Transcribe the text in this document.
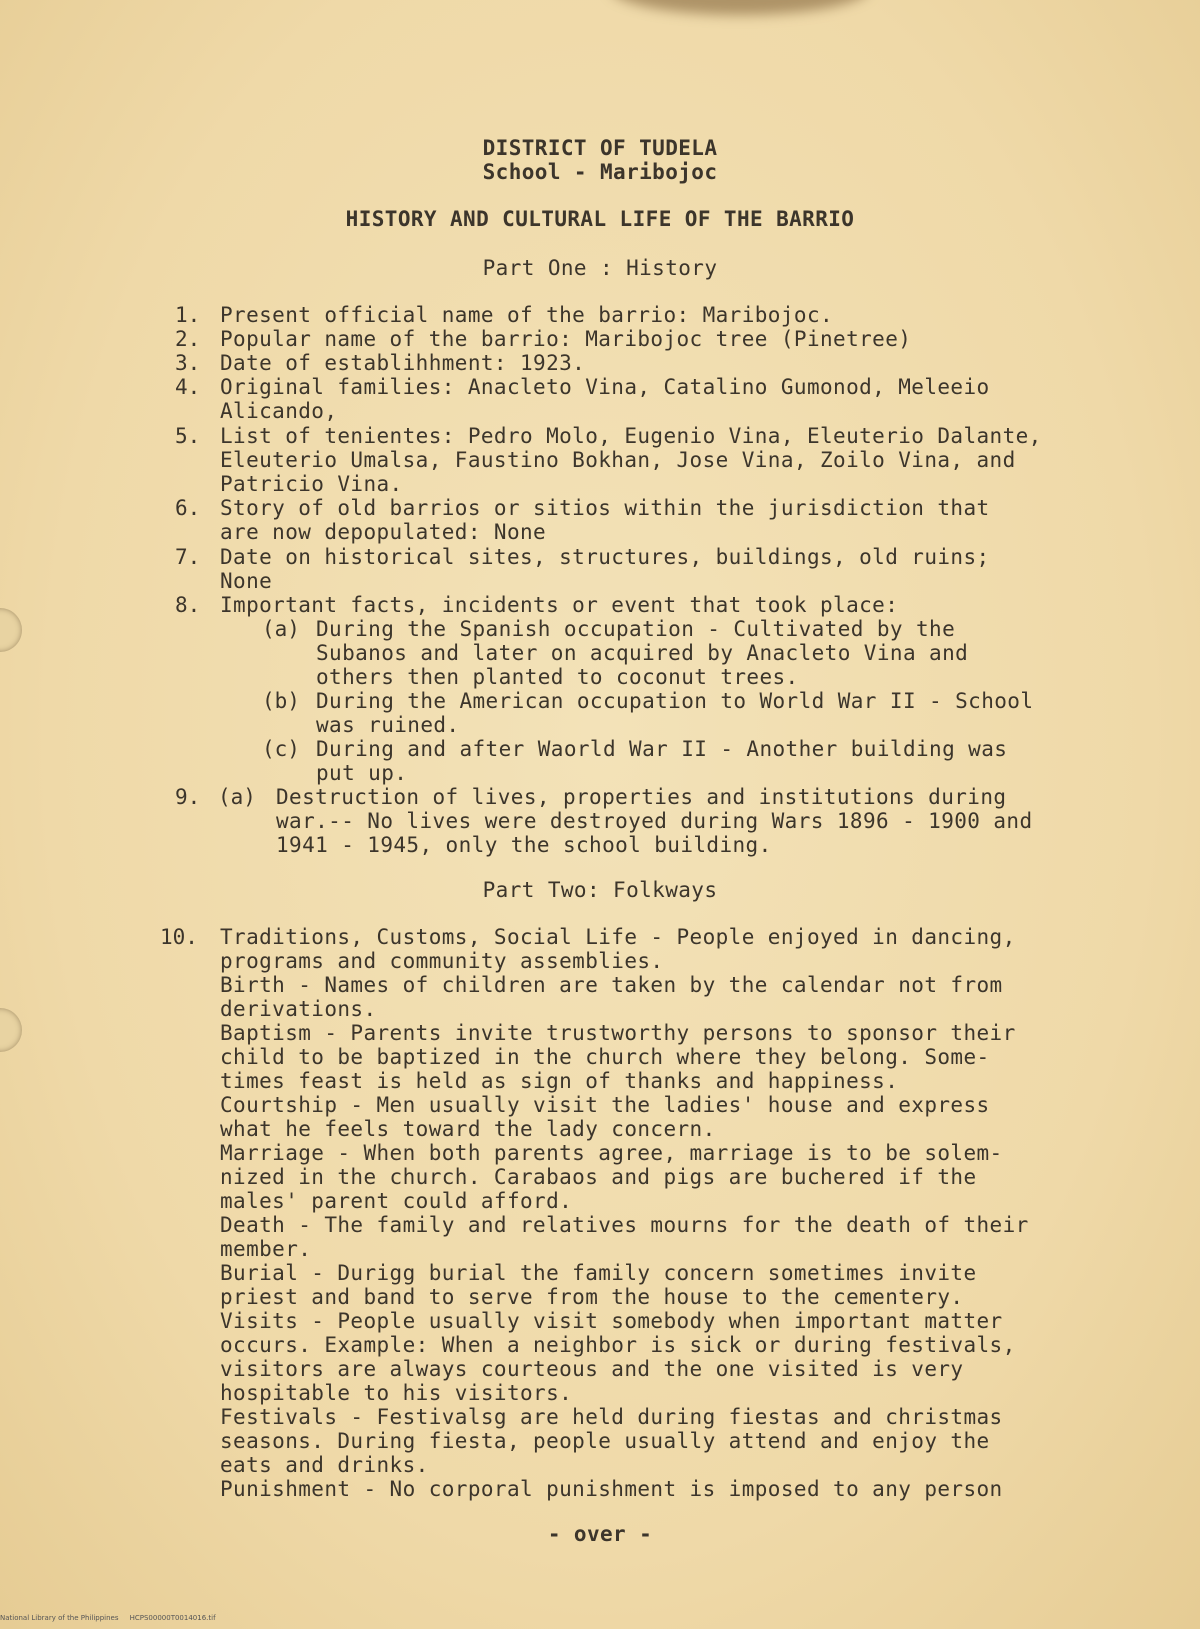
DISTRICT OF TUDELA
School - Maribojoc
HISTORY AND CULTURAL LIFE OF THE BARRIO
Part One : History
1. Present official name of the barrio: Maribojoc.
2. Popular name of the barrio: Maribojoc tree (Pinetree)
3. Date of establihhment: 1923.
4. Original families: Anacleto Vina, Catalino Gumonod, Meleeio
Alicando,
5. List of tenientes: Pedro Molo, Eugenio Vina, Eleuterio Dalante,
Eleuterio Umalsa, Faustino Bokhan, Jose Vina, Zoilo Vina, and
Patricio Vina.
6. Story of old barrios or sitios within the jurisdiction that
are now depopulated: None
7. Date on historical sites, structures, buildings, old ruins;
None
8. Important facts, incidents or event that took place:
(a) During the Spanish occupation - Cultivated by the
Subanos and later on acquired by Anacleto Vina and
others then planted to coconut trees.
(b) During the American occupation to World War II - School
was ruined.
(c) During and after Waorld War II - Another building was
put up.
9. (a) Destruction of lives, properties and institutions during
war.-- No lives were destroyed during Wars 1896 - 1900 and
1941 - 1945, only the school building.
Part Two: Folkways
10. Traditions, Customs, Social Life - People enjoyed in dancing,
programs and community assemblies.
Birth - Names of children are taken by the calendar not from
derivations.
Baptism - Parents invite trustworthy persons to sponsor their
child to be baptized in the church where they belong. Some-
times feast is held as sign of thanks and happiness.
Courtship - Men usually visit the ladies' house and express
what he feels toward the lady concern.
Marriage - When both parents agree, marriage is to be solem-
nized in the church. Carabaos and pigs are buchered if the
males' parent could afford.
Death - The family and relatives mourns for the death of their
member.
Burial - Durigg burial the family concern sometimes invite
priest and band to serve from the house to the cementery.
Visits - People usually visit somebody when important matter
occurs. Example: When a neighbor is sick or during festivals,
visitors are always courteous and the one visited is very
hospitable to his visitors.
Festivals - Festivalsg are held during fiestas and christmas
seasons. During fiesta, people usually attend and enjoy the
eats and drinks.
Punishment - No corporal punishment is imposed to any person
- over -
National Library of the Philippines     HCPS00000T0014016.tif
